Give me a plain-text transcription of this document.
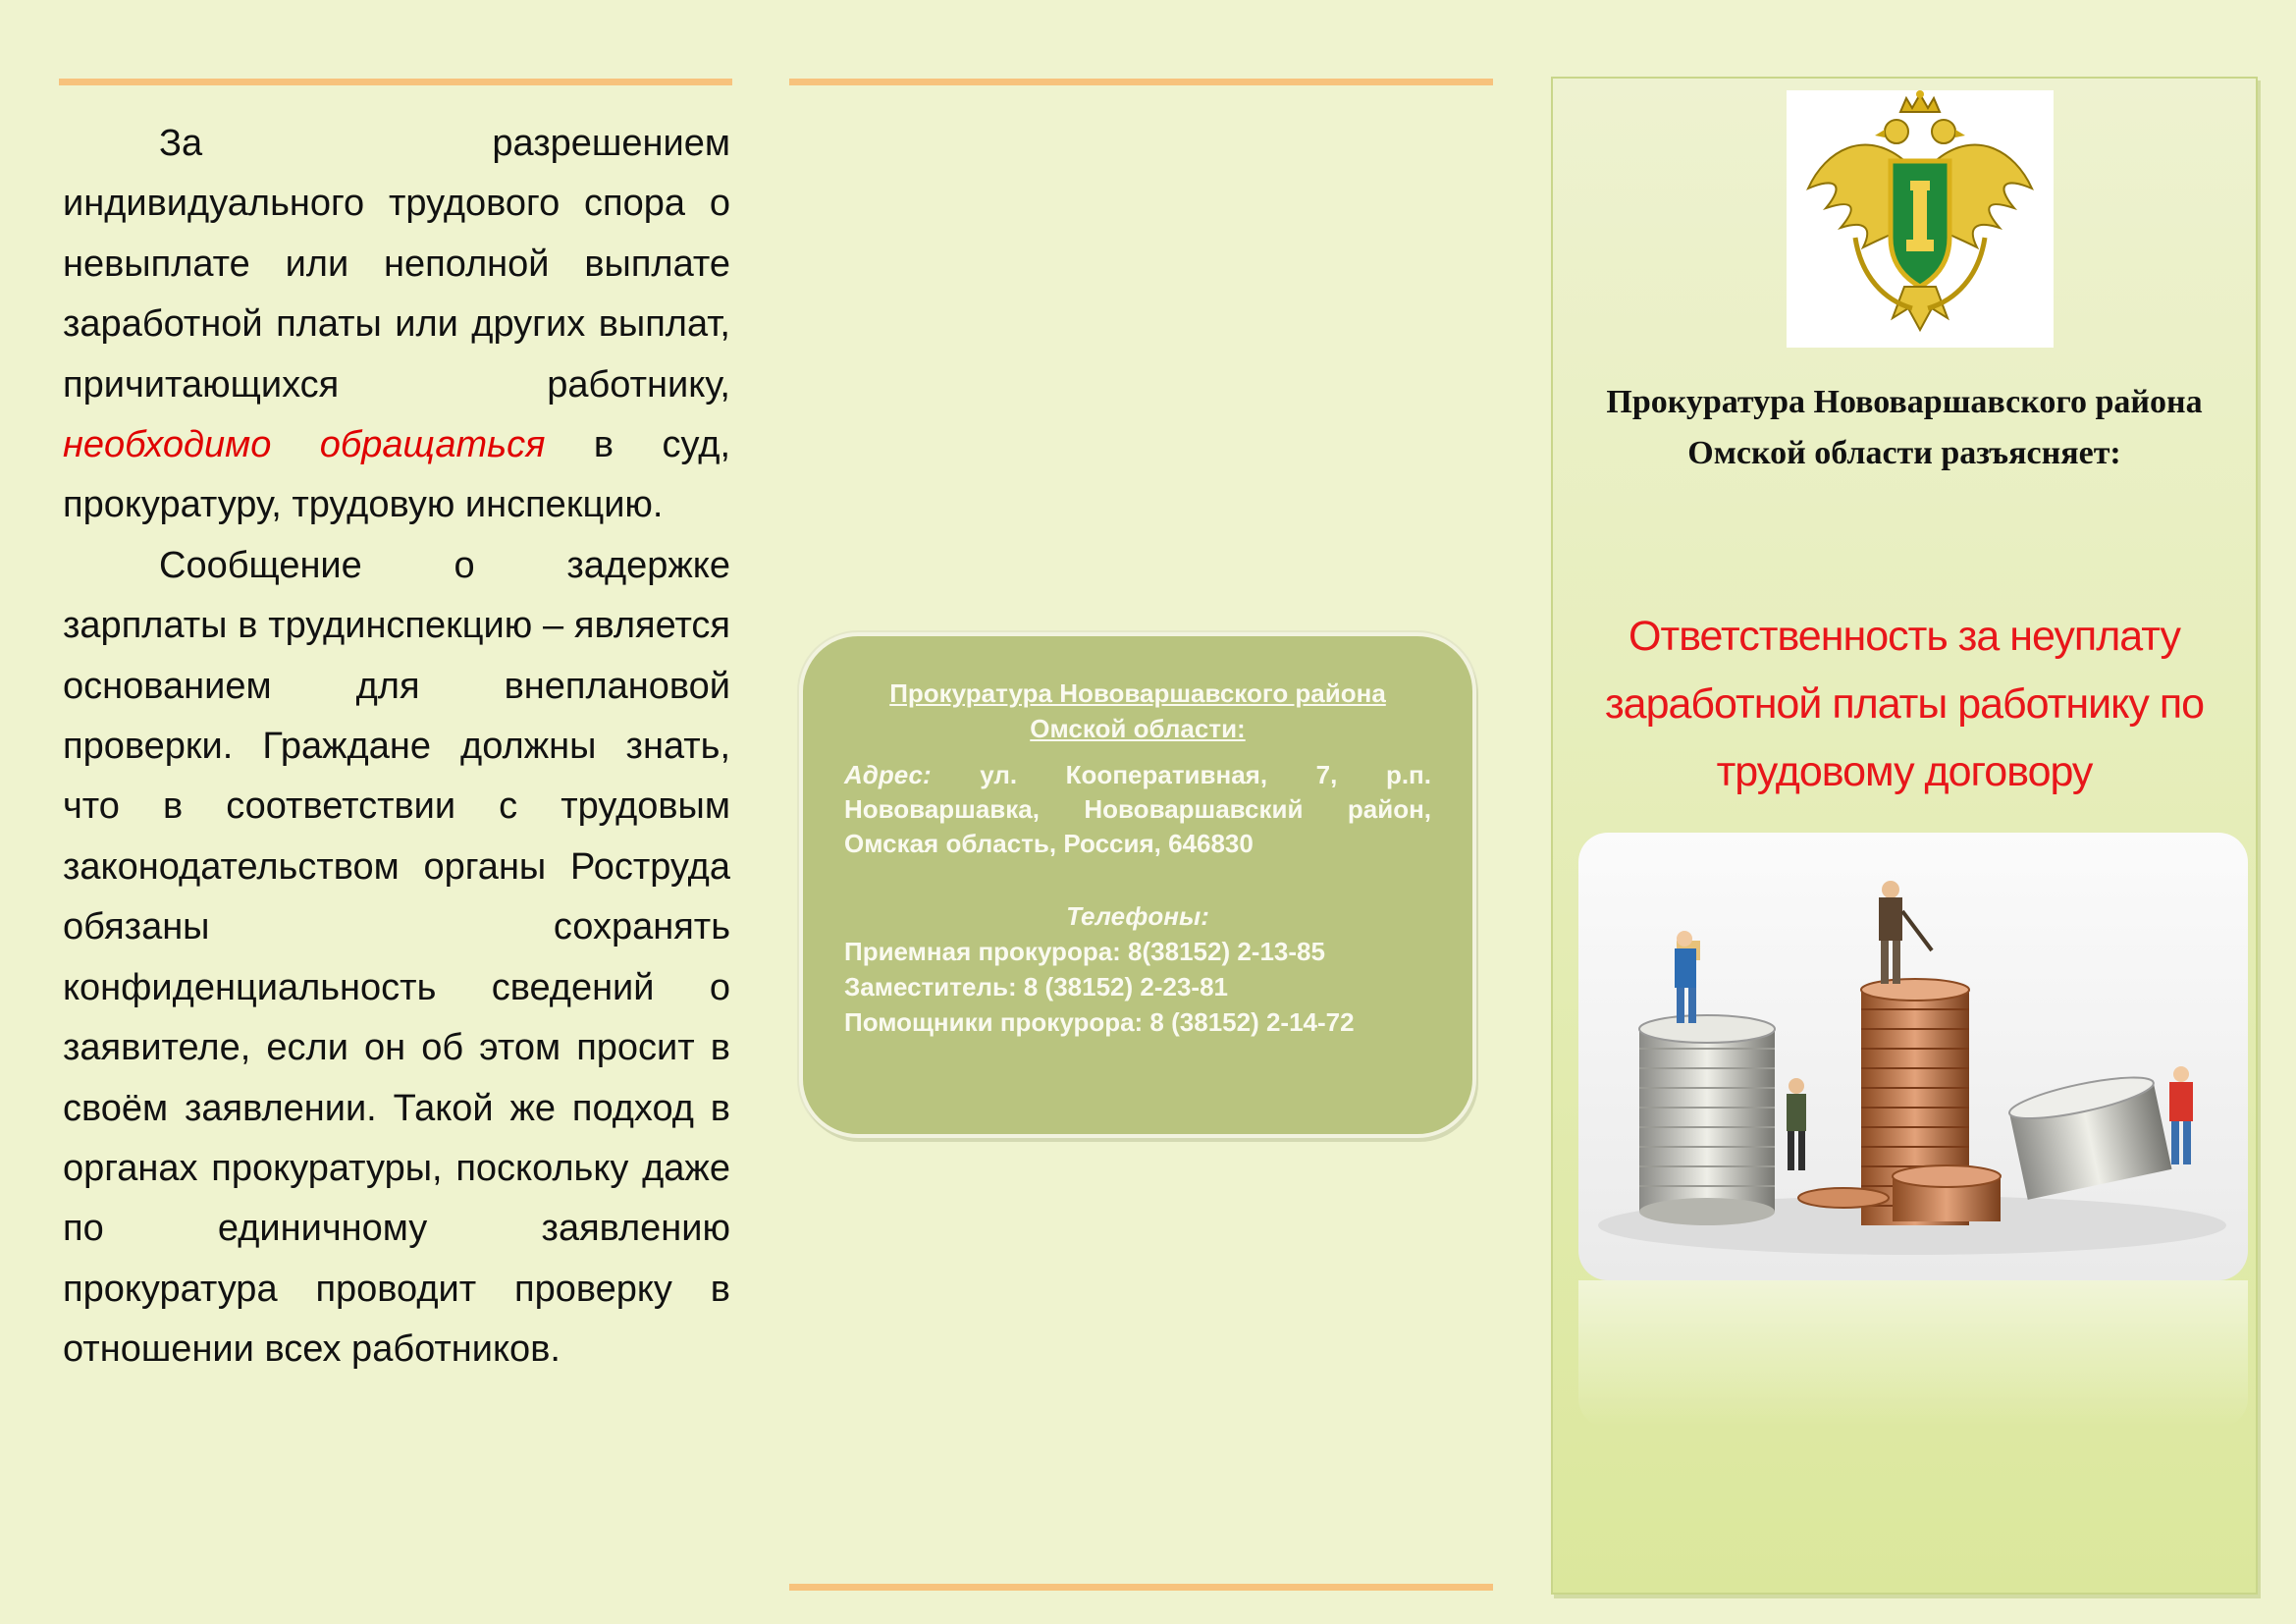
За разрешением индивидуального трудового спора о невыплате или неполной выплате заработной платы или других выплат, причитающихся работнику, необходимо обращаться в суд, прокуратуру, трудовую инспекцию.

Сообщение о задержке зарплаты в трудинспекцию – является основанием для внеплановой проверки. Граждане должны знать, что в соответствии с трудовым законодательством органы Роструда обязаны сохранять конфиденциальность сведений о заявителе, если он об этом просит в своём заявлении. Такой же подход в органах прокуратуры, поскольку даже по единичному заявлению прокуратура проводит проверку в отношении всех работников.

Прокуратура Нововаршавского района Омской области:
Адрес: ул. Кооперативная, 7, р.п. Нововаршавка, Нововаршавский район, Омская область, Россия, 646830
Телефоны:
Приемная прокурора: 8(38152) 2-13-85
Заместитель: 8 (38152) 2-23-81
Помощники прокурора: 8 (38152) 2-14-72
Прокуратура Нововаршавского района Омской области разъясняет:
Ответственность за неуплату заработной платы работнику по трудовому договору
